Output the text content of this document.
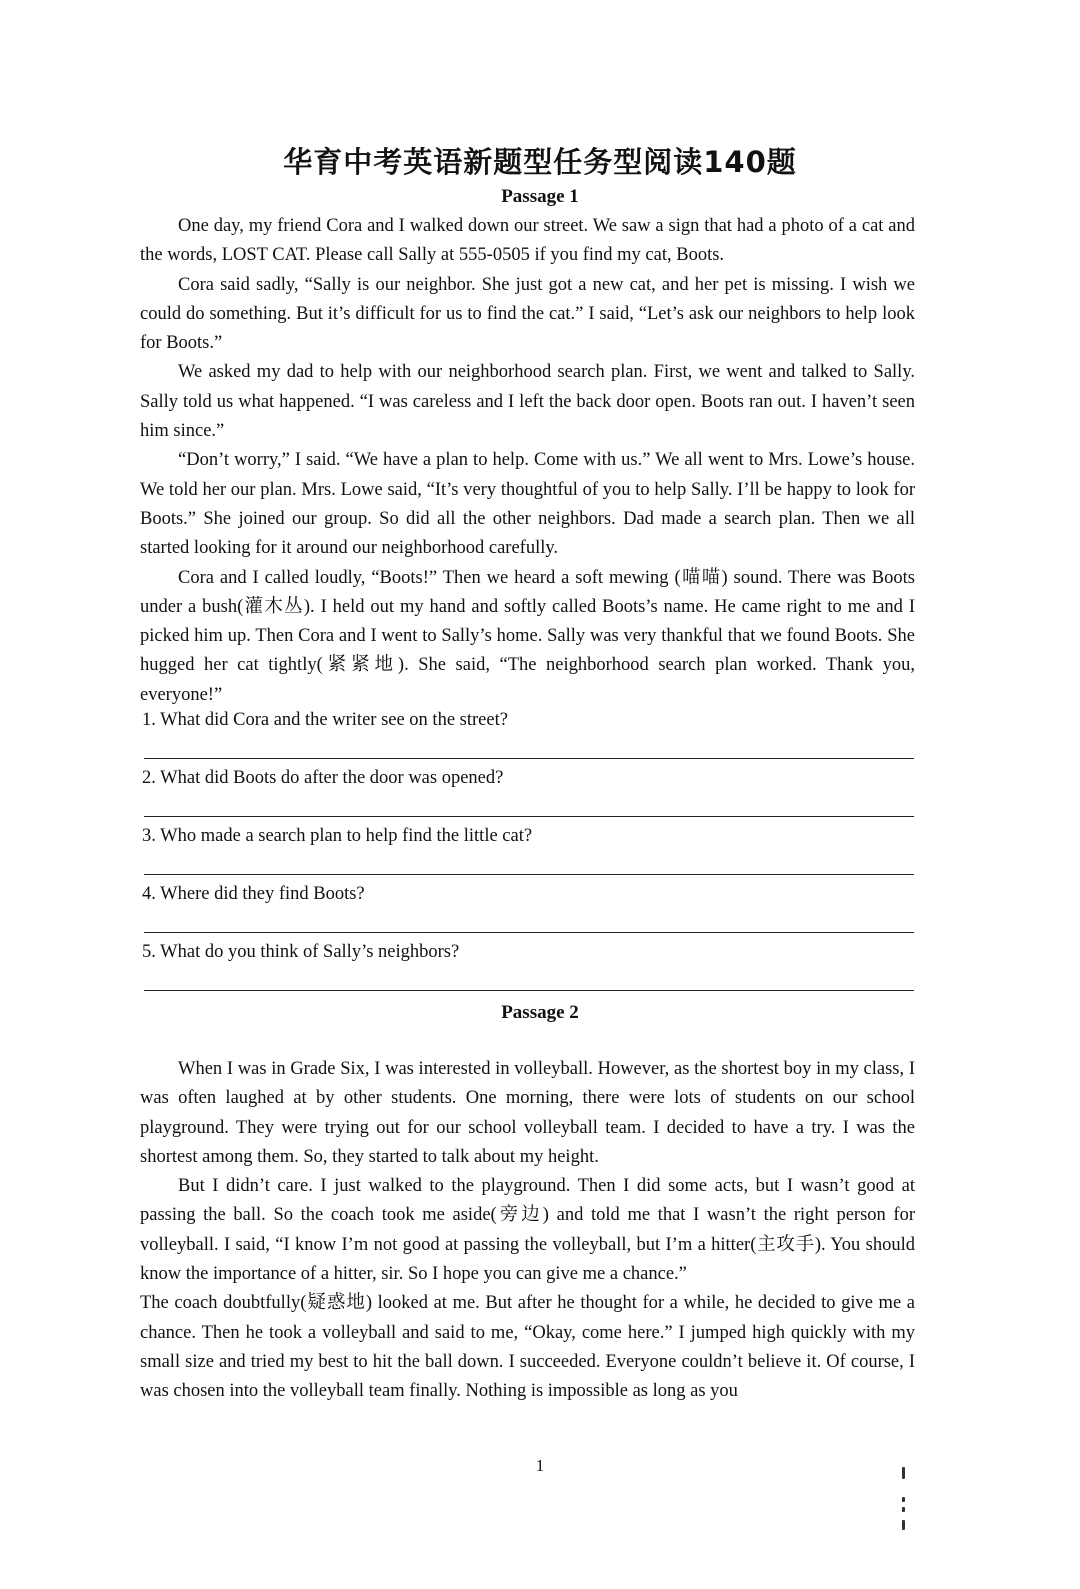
华育中考英语新题型任务型阅读140题
Passage 1

One day, my friend Cora and I walked down our street. We saw a sign that had a photo of a cat and the words, LOST CAT. Please call Sally at 555-0505 if you find my cat, Boots.

Cora said sadly, “Sally is our neighbor. She just got a new cat, and her pet is missing. I wish we could do something. But it’s difficult for us to find the cat.” I said, “Let’s ask our neighbors to help look for Boots.”

We asked my dad to help with our neighborhood search plan. First, we went and talked to Sally. Sally told us what happened. “I was careless and I left the back door open. Boots ran out. I haven’t seen him since.”

“Don’t worry,” I said. “We have a plan to help. Come with us.” We all went to Mrs. Lowe’s house. We told her our plan. Mrs. Lowe said, “It’s very thoughtful of you to help Sally. I’ll be happy to look for Boots.” She joined our group. So did all the other neighbors. Dad made a search plan. Then we all started looking for it around our neighborhood carefully.

Cora and I called loudly, “Boots!” Then we heard a soft mewing (喵喵) sound. There was Boots under a bush(灌木丛). I held out my hand and softly called Boots’s name. He came right to me and I picked him up. Then Cora and I went to Sally’s home. Sally was very thankful that we found Boots. She hugged her cat tightly(紧紧地). She said, “The neighborhood search plan worked. Thank you, everyone!”

1. What did Cora and the writer see on the street?
2. What did Boots do after the door was opened?
3. Who made a search plan to help find the little cat?
4. Where did they find Boots?
5. What do you think of Sally’s neighbors?
Passage 2

When I was in Grade Six, I was interested in volleyball. However, as the shortest boy in my class, I was often laughed at by other students. One morning, there were lots of students on our school playground. They were trying out for our school volleyball team. I decided to have a try. I was the shortest among them. So, they started to talk about my height.

But I didn’t care. I just walked to the playground. Then I did some acts, but I wasn’t good at passing the ball. So the coach took me aside(旁边) and told me that I wasn’t the right person for volleyball. I said, “I know I’m not good at passing the volleyball, but I’m a hitter(主攻手). You should know the importance of a hitter, sir. So I hope you can give me a chance.”

The coach doubtfully(疑惑地) looked at me. But after he thought for a while, he decided to give me a chance. Then he took a volleyball and said to me, “Okay, come here.” I jumped high quickly with my small size and tried my best to hit the ball down. I succeeded. Everyone couldn’t believe it. Of course, I was chosen into the volleyball team finally. Nothing is impossible as long as you

1
